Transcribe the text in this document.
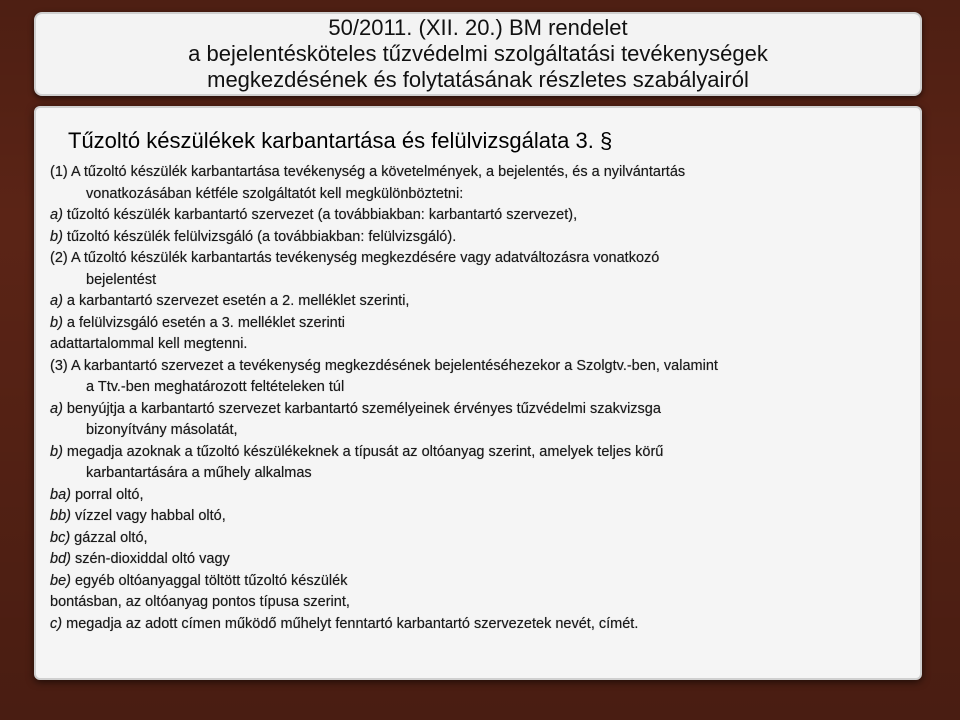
50/2011. (XII. 20.) BM rendelet
a bejelentésköteles tűzvédelmi szolgáltatási tevékenységek
megkezdésének és folytatásának részletes szabályairól
Tűzoltó készülékek karbantartása és felülvizsgálata 3. §
(1) A tűzoltó készülék karbantartása tevékenység a követelmények, a bejelentés, és a nyilvántartás
vonatkozásában kétféle szolgáltatót kell megkülönböztetni:
a) tűzoltó készülék karbantartó szervezet (a továbbiakban: karbantartó szervezet),
b) tűzoltó készülék felülvizsgáló (a továbbiakban: felülvizsgáló).
(2) A tűzoltó készülék karbantartás tevékenység megkezdésére vagy adatváltozásra vonatkozó
bejelentést
a) a karbantartó szervezet esetén a 2. melléklet szerinti,
b) a felülvizsgáló esetén a 3. melléklet szerinti
adattartalommal kell megtenni.
(3) A karbantartó szervezet a tevékenység megkezdésének bejelentéséhezekor a Szolgtv.-ben, valamint
a Ttv.-ben meghatározott feltételeken túl
a) benyújtja a karbantartó szervezet karbantartó személyeinek érvényes tűzvédelmi szakvizsga
bizonyítvány másolatát,
b) megadja azoknak a tűzoltó készülékeknek a típusát az oltóanyag szerint, amelyek teljes körű
karbantartására a műhely alkalmas
ba) porral oltó,
bb) vízzel vagy habbal oltó,
bc) gázzal oltó,
bd) szén-dioxiddal oltó vagy
be) egyéb oltóanyaggal töltött tűzoltó készülék
bontásban, az oltóanyag pontos típusa szerint,
c) megadja az adott címen működő műhelyt fenntartó karbantartó szervezetek nevét, címét.
